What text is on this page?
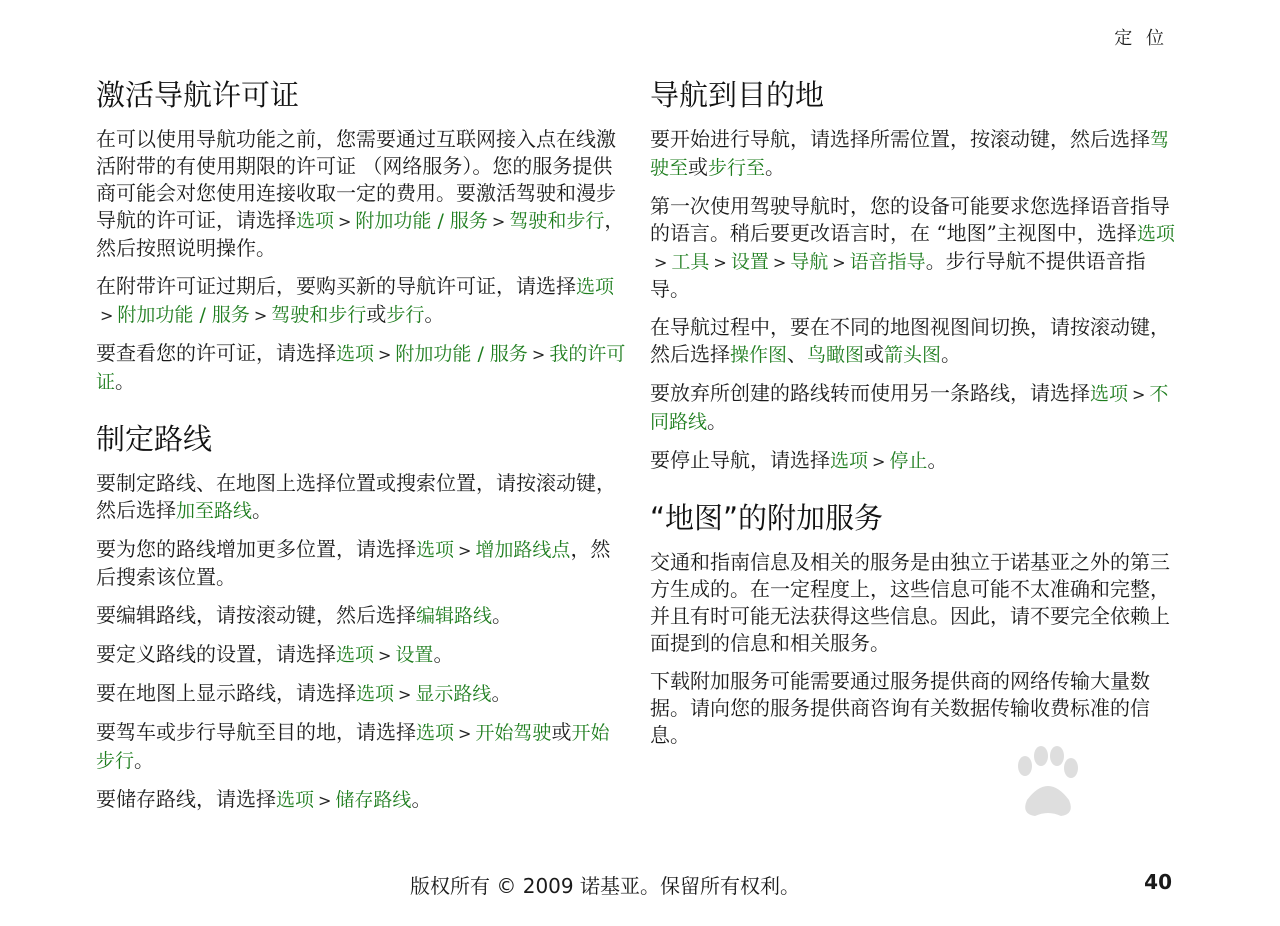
定 位
激活导航许可证

在可以使用导航功能之前，您需要通过互联网接入点在线激活附带的有使用期限的许可证 （网络服务）。您的服务提供商可能会对您使用连接收取一定的费用。要激活驾驶和漫步导航的许可证，请选择选项 > 附加功能 / 服务 > 驾驶和步行，然后按照说明操作。

在附带许可证过期后，要购买新的导航许可证，请选择选项> 附加功能 / 服务 > 驾驶和步行或步行。

要查看您的许可证，请选择选项 > 附加功能 / 服务 > 我的许可证。

制定路线

要制定路线、在地图上选择位置或搜索位置，请按滚动键，然后选择加至路线。

要为您的路线增加更多位置，请选择选项 > 增加路线点，然后搜索该位置。

要编辑路线，请按滚动键，然后选择编辑路线。

要定义路线的设置，请选择选项 > 设置。

要在地图上显示路线，请选择选项 > 显示路线。

要驾车或步行导航至目的地，请选择选项 > 开始驾驶或开始步行。

要储存路线，请选择选项 > 储存路线。

导航到目的地

要开始进行导航，请选择所需位置，按滚动键，然后选择驾驶至或步行至。

第一次使用驾驶导航时，您的设备可能要求您选择语音指导的语言。稍后要更改语言时，在 “地图”主视图中，选择选项> 工具 > 设置 > 导航 > 语音指导。步行导航不提供语音指导。

在导航过程中，要在不同的地图视图间切换，请按滚动键，然后选择操作图、鸟瞰图或箭头图。

要放弃所创建的路线转而使用另一条路线，请选择选项 > 不同路线。

要停止导航，请选择选项 > 停止。

“地图”的附加服务

交通和指南信息及相关的服务是由独立于诺基亚之外的第三方生成的。在一定程度上，这些信息可能不太准确和完整，并且有时可能无法获得这些信息。因此，请不要完全依赖上面提到的信息和相关服务。

下载附加服务可能需要通过服务提供商的网络传输大量数据。请向您的服务提供商咨询有关数据传输收费标准的信息。

版权所有 © 2009 诺基亚。保留所有权利。	40
